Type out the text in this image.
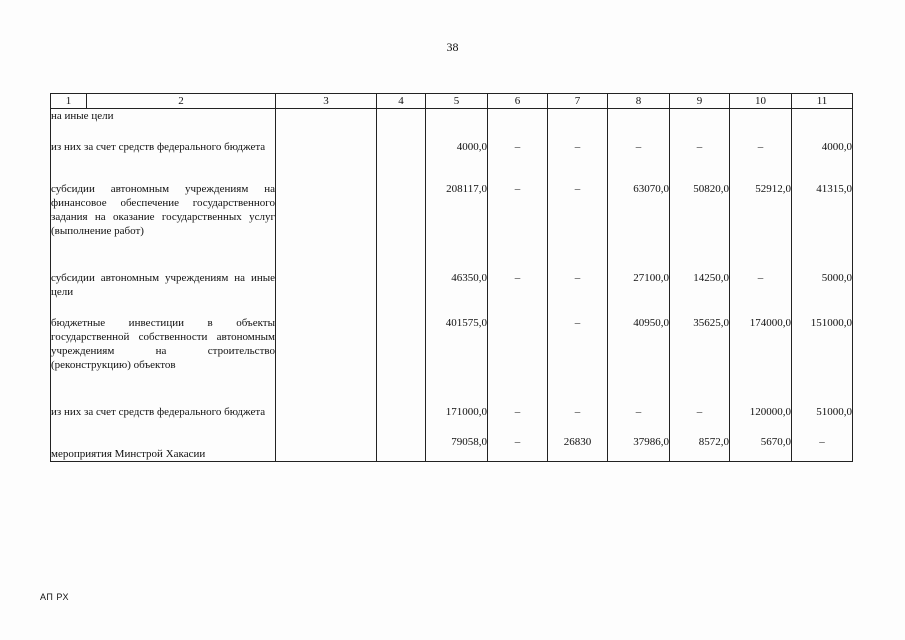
38
1	2	3	4	5	6	7	8	9	10	11

на иные цели										

из них за счет средств федерального бюджета				4000,0	–	–	–	–	–	4000,0

субсидии автономным учреждениям на финансовое обеспечение государственного задания на оказание государственных услуг (выполнение работ)				208117,0	–	–	63070,0	50820,0	52912,0	41315,0

субсидии автономным учреждениям на иные цели				46350,0	–	–	27100,0	14250,0	–	5000,0

бюджетные инвестиции в объекты государственной собственности автономным учреждениям на строительство (реконструкцию) объектов				401575,0		–	40950,0	35625,0	174000,0	151000,0

из них за счет средств федерального бюджета				171000,0	–	–	–	–	120000,0	51000,0

мероприятия Минстрой Хакасии				79058,0	–	26830	37986,0	8572,0	5670,0	–
АП РХ
